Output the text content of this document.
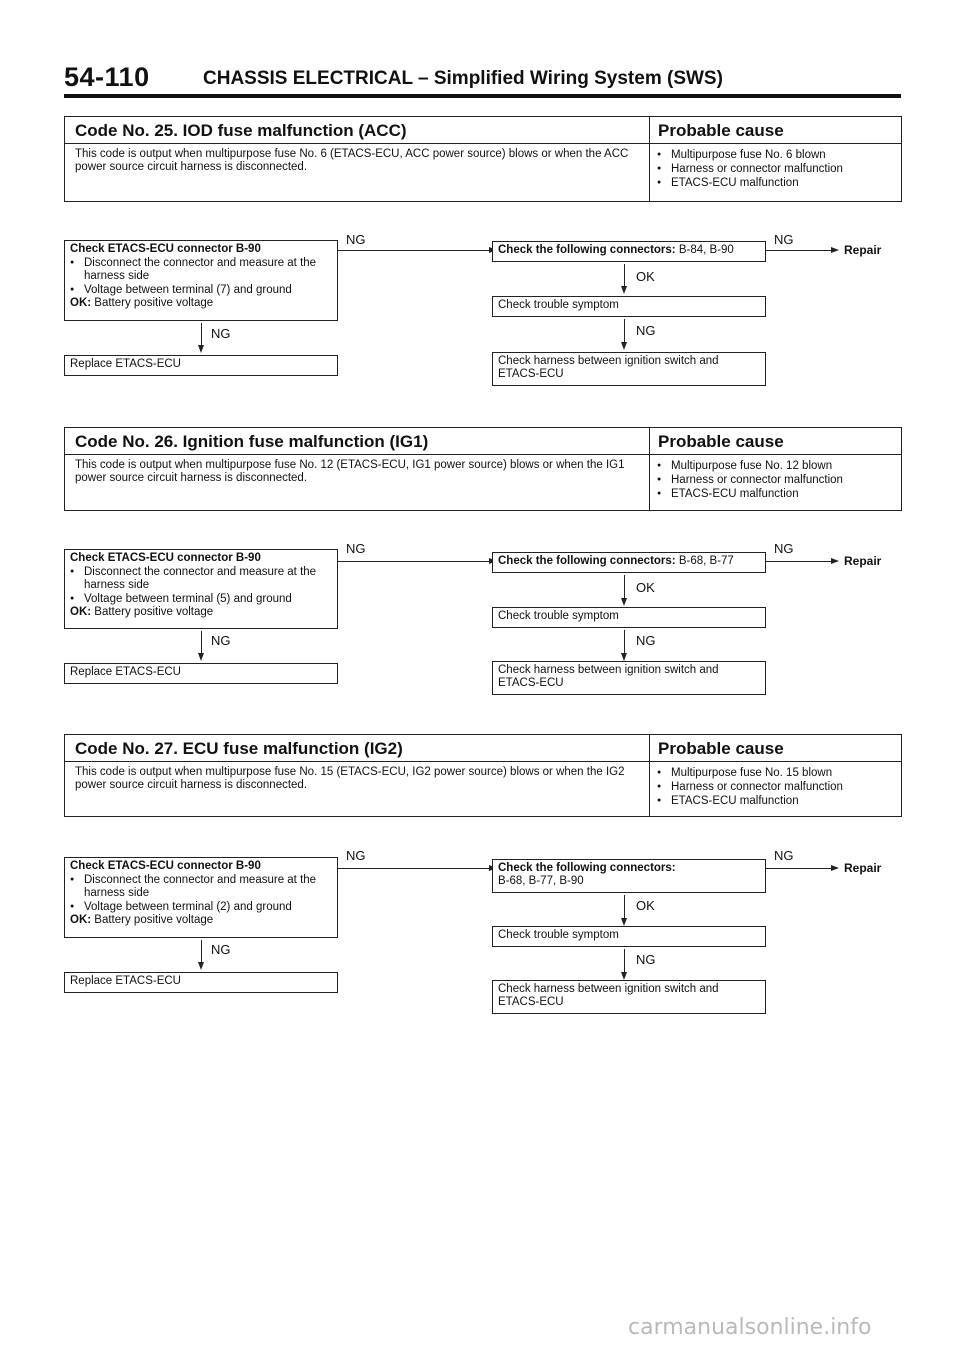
54-110	CHASSIS ELECTRICAL – Simplified Wiring System (SWS)
Code No. 25. IOD fuse malfunction (ACC)	Probable cause
This code is output when multipurpose fuse No. 6 (ETACS-ECU, ACC power source) blows or when the ACC power source circuit harness is disconnected.
● Multipurpose fuse No. 6 blown
● Harness or connector malfunction
● ETACS-ECU malfunction
Check ETACS-ECU connector B-90
● Disconnect the connector and measure at the harness side
● Voltage between terminal (7) and ground
OK: Battery positive voltage
NG
NG
Replace ETACS-ECU
Check the following connectors: B-84, B-90
NG
Repair
OK
Check trouble symptom
NG
Check harness between ignition switch and ETACS-ECU
Code No. 26. Ignition fuse malfunction (IG1)	Probable cause
This code is output when multipurpose fuse No. 12 (ETACS-ECU, IG1 power source) blows or when the IG1 power source circuit harness is disconnected.
● Multipurpose fuse No. 12 blown
● Harness or connector malfunction
● ETACS-ECU malfunction
Check ETACS-ECU connector B-90
● Disconnect the connector and measure at the harness side
● Voltage between terminal (5) and ground
OK: Battery positive voltage
NG
NG
Replace ETACS-ECU
Check the following connectors: B-68, B-77
NG
Repair
OK
Check trouble symptom
NG
Check harness between ignition switch and ETACS-ECU
Code No. 27. ECU fuse malfunction (IG2)	Probable cause
This code is output when multipurpose fuse No. 15 (ETACS-ECU, IG2 power source) blows or when the IG2 power source circuit harness is disconnected.
● Multipurpose fuse No. 15 blown
● Harness or connector malfunction
● ETACS-ECU malfunction
Check ETACS-ECU connector B-90
● Disconnect the connector and measure at the harness side
● Voltage between terminal (2) and ground
OK: Battery positive voltage
NG
NG
Replace ETACS-ECU
Check the following connectors:
B-68, B-77, B-90
NG
Repair
OK
Check trouble symptom
NG
Check harness between ignition switch and ETACS-ECU
carmanualsonline.info
